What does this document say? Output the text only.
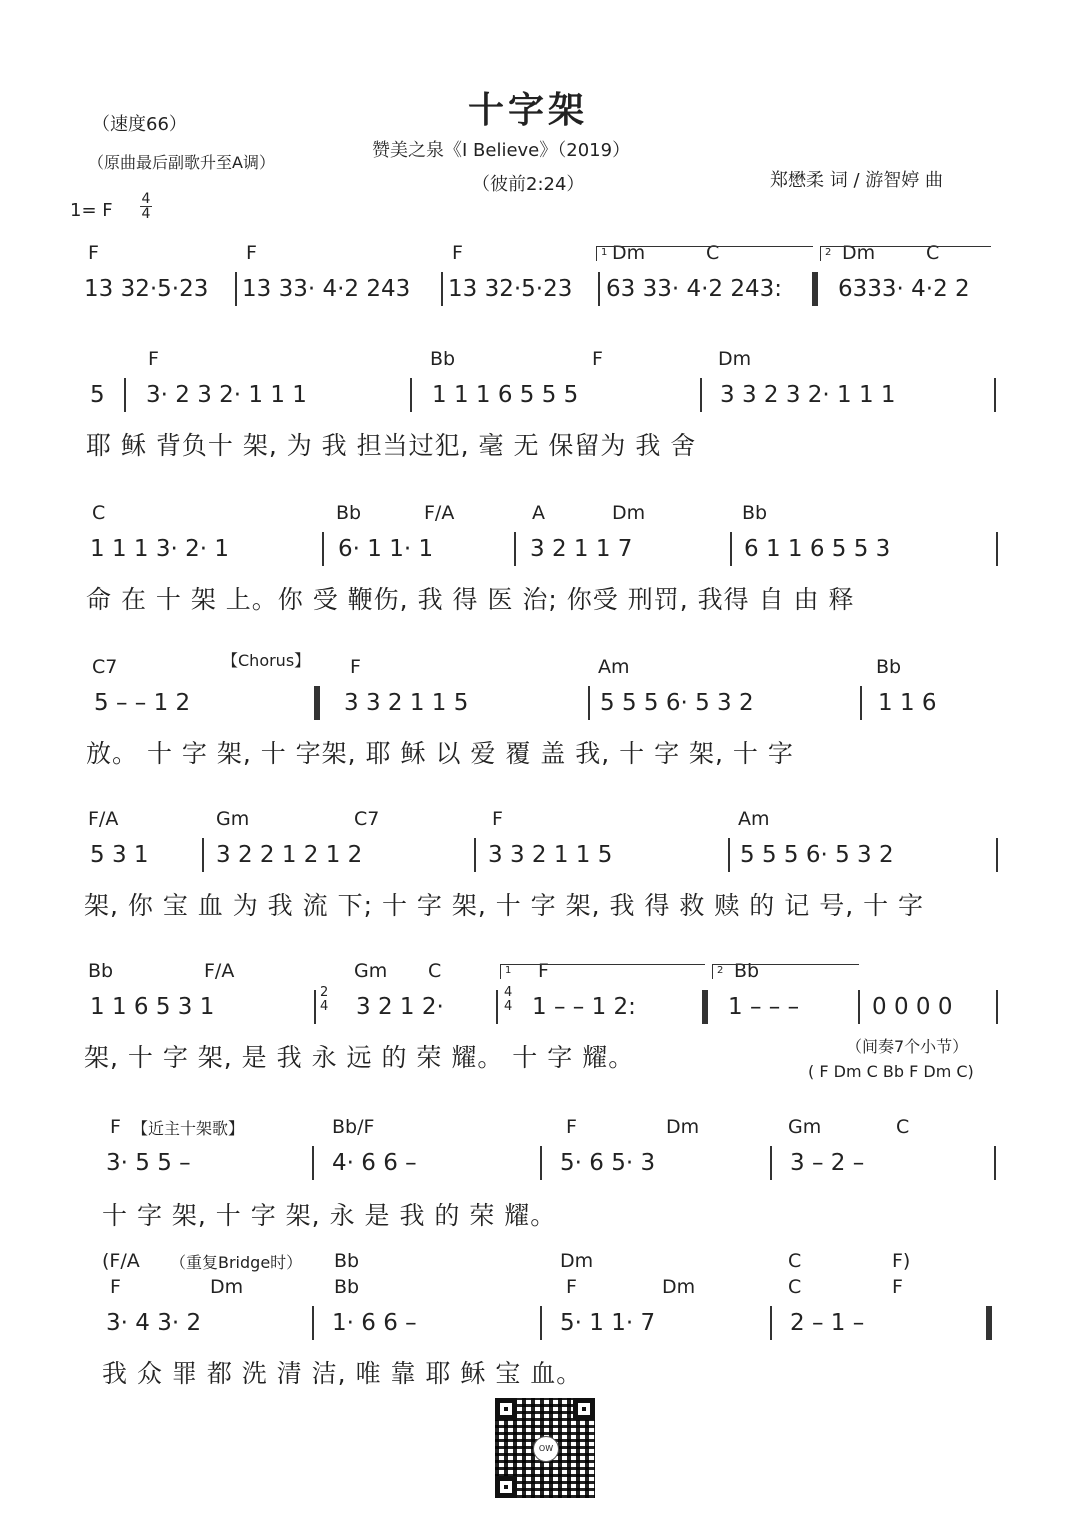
十字架
（速度66）
（原曲最后副歌升至A调）
赞美之泉《I Believe》（2019）
（彼前2:24）	郑懋柔 词 / 游智婷 曲
1= F
4
4
F	F	F	Dm	C	Dm	C
1	2
13 32·5·23 13 33· 4·2 243 13 32·5·23 63 33· 4·2 243: 6333· 4·2 2
F	Bb	F	Dm
5 3· 2 3 2· 1 1 1	1 1 1 6 5 5 5	3 3 2 3 2· 1 1 1
耶 稣 背负十 架, 为 我 担当过犯, 毫 无 保留为 我 舍
C	Bb	F/A	A	Dm	Bb
1 1 1 3· 2· 1	6· 1 1· 1	3 2 1 1 7	6 1 1 6 5 5 3
命 在 十 架 上。你 受 鞭伤, 我 得 医 治; 你受 刑罚, 我得 自 由 释
C7	【Chorus】 F	Am	Bb
5 – – 1 2	3 3 2 1 1 5	5 5 5 6· 5 3 2	1 1 6
放。 十 字 架, 十 字架, 耶 稣 以 爱 覆 盖 我, 十 字 架, 十 字
F/A	Gm	C7	F	Am
5 3 1	3 2 2 1 2 1 2	3 3 2 1 1 5	5 5 5 6· 5 3 2
架, 你 宝 血 为 我 流 下; 十 字 架, 十 字 架, 我 得 救 赎 的 记 号, 十 字
Bb	F/A	Gm C	F	Bb
1	2
1 1 6 5 3 1
2
4 3 2 1 2·
4
4 1 – – 1 2:	1 – – –	0 0 0 0
架, 十 字 架, 是 我 永 远 的 荣 耀。 十 字 耀。	（间奏7个小节）
( F Dm C Bb F Dm C)
F 【近主十架歌】	Bb/F	F	Dm	Gm	C
3· 5 5 –	4· 6 6 –	5· 6 5· 3	3 – 2 –
十 字 架, 十 字 架, 永 是 我 的 荣 耀。
(F/A （重复Bridge时） Bb	Dm	C	F)
F	Dm	Bb	F	Dm	C	F
3· 4 3· 2	1· 6 6 –	5· 1 1· 7	2 – 1 –
我 众 罪 都 洗 清 洁, 唯 靠 耶 稣 宝 血。
OW
